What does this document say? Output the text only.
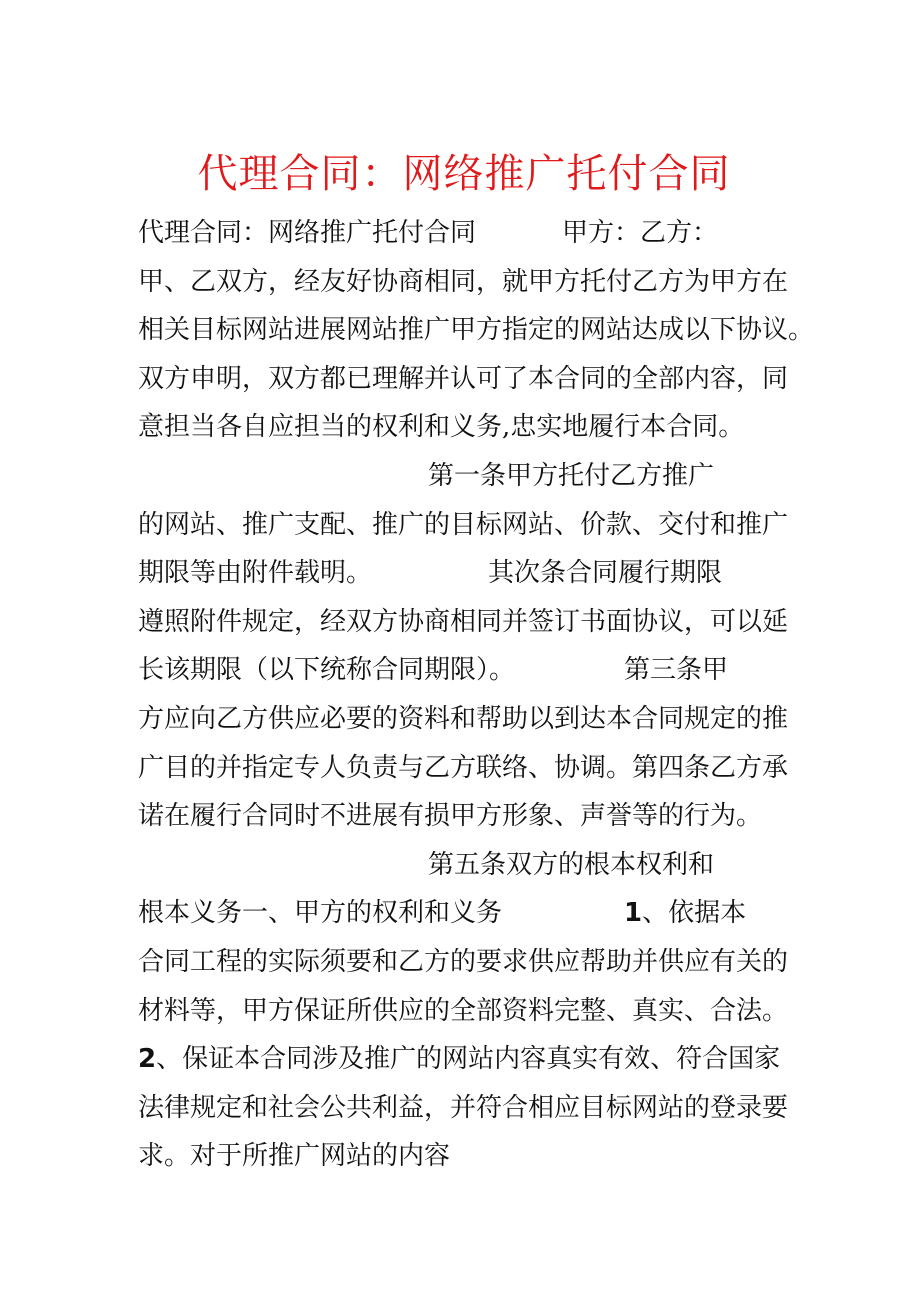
代理合同：网络推广托付合同
代理合同：网络推广托付合同	甲方：乙方：
甲、乙双方，经友好协商相同，就甲方托付乙方为甲方在
相关目标网站进展网站推广甲方指定的网站达成以下协议。
双方申明，双方都已理解并认可了本合同的全部内容，同
意担当各自应担当的权利和义务,忠实地履行本合同。
第一条甲方托付乙方推广
的网站、推广支配、推广的目标网站、价款、交付和推广
期限等由附件载明。	其次条合同履行期限
遵照附件规定，经双方协商相同并签订书面协议，可以延
长该期限（以下统称合同期限）。	第三条甲
方应向乙方供应必要的资料和帮助以到达本合同规定的推
广目的并指定专人负责与乙方联络、协调。第四条乙方承
诺在履行合同时不进展有损甲方形象、声誉等的行为。
第五条双方的根本权利和
根本义务一、甲方的权利和义务	1、依据本
合同工程的实际须要和乙方的要求供应帮助并供应有关的
材料等，甲方保证所供应的全部资料完整、真实、合法。
2、保证本合同涉及推广的网站内容真实有效、符合国家
法律规定和社会公共利益，并符合相应目标网站的登录要
求。对于所推广网站的内容
